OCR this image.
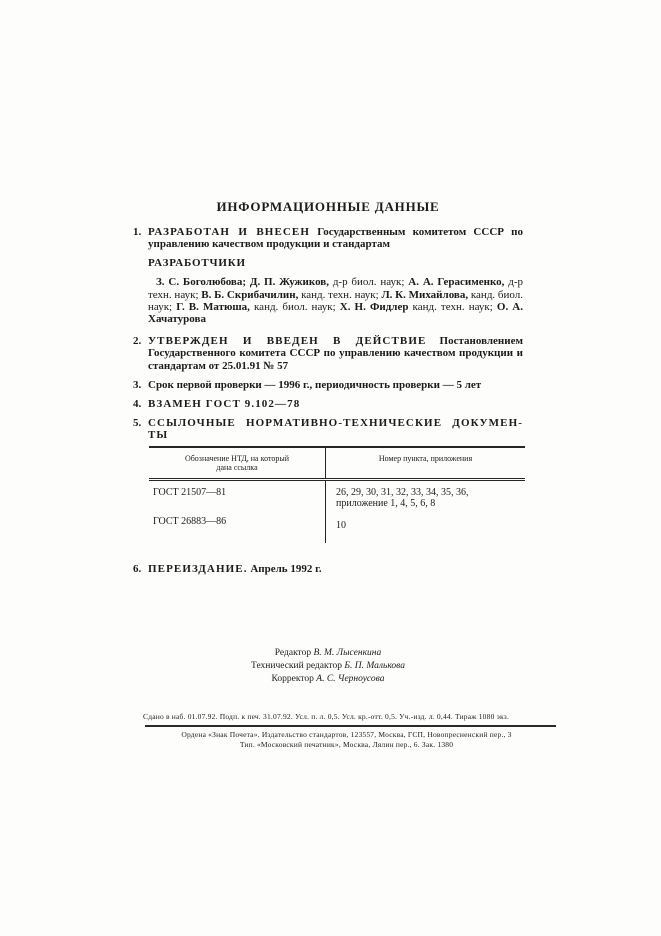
ИНФОРМАЦИОННЫЕ ДАННЫЕ
1. РАЗРАБОТАН И ВНЕСЕН Государственным комитетом СССР по управлению качеством продукции и стандартам

РАЗРАБОТЧИКИ

З. С. Боголюбова; Д. П. Жужиков, д-р биол. наук; А. А. Герасименко, д-р техн. наук; В. Б. Скрибачилин, канд. техн. наук; Л. К. Михайлова, канд. биол. наук; Г. В. Матюша, канд. биол. наук; Х. Н. Фидлер канд. техн. наук; О. А. Хачатурова

2. УТВЕРЖДЕН И ВВЕДЕН В ДЕЙСТВИЕ Постановлением Государственного комитета СССР по управлению качеством продукции и стандартам от 25.01.91 № 57

3. Срок первой проверки — 1996 г., периодичность проверки — 5 лет

4. ВЗАМЕН ГОСТ 9.102—78

5. ССЫЛОЧНЫЕ НОРМАТИВНО-ТЕХНИЧЕСКИЕ ДОКУМЕН-
ТЫ

Обозначение НТД, на который
дана ссылка
Номер пункта, приложения
ГОСТ 21507—81	26, 29, 30, 31, 32, 33, 34, 35, 36, приложение 1, 4, 5, 6, 8
ГОСТ 26883—86	10
6. ПЕРЕИЗДАНИЕ. Апрель 1992 г.

Редактор В. М. Лысенкина
Технический редактор Б. П. Малькова
Корректор А. С. Черноусова

Сдано в наб. 01.07.92. Подп. к печ. 31.07.92. Усл. п. л. 0,5. Усл. кр.-отт. 0,5. Уч.-изд. л. 0,44. Тираж 1080 экз.

Ордена «Знак Почета». Издательство стандартов, 123557, Москва, ГСП, Новопресненский пер., 3
Тип. «Московский печатник», Москва, Лялин пер., 6. Зак. 1380
